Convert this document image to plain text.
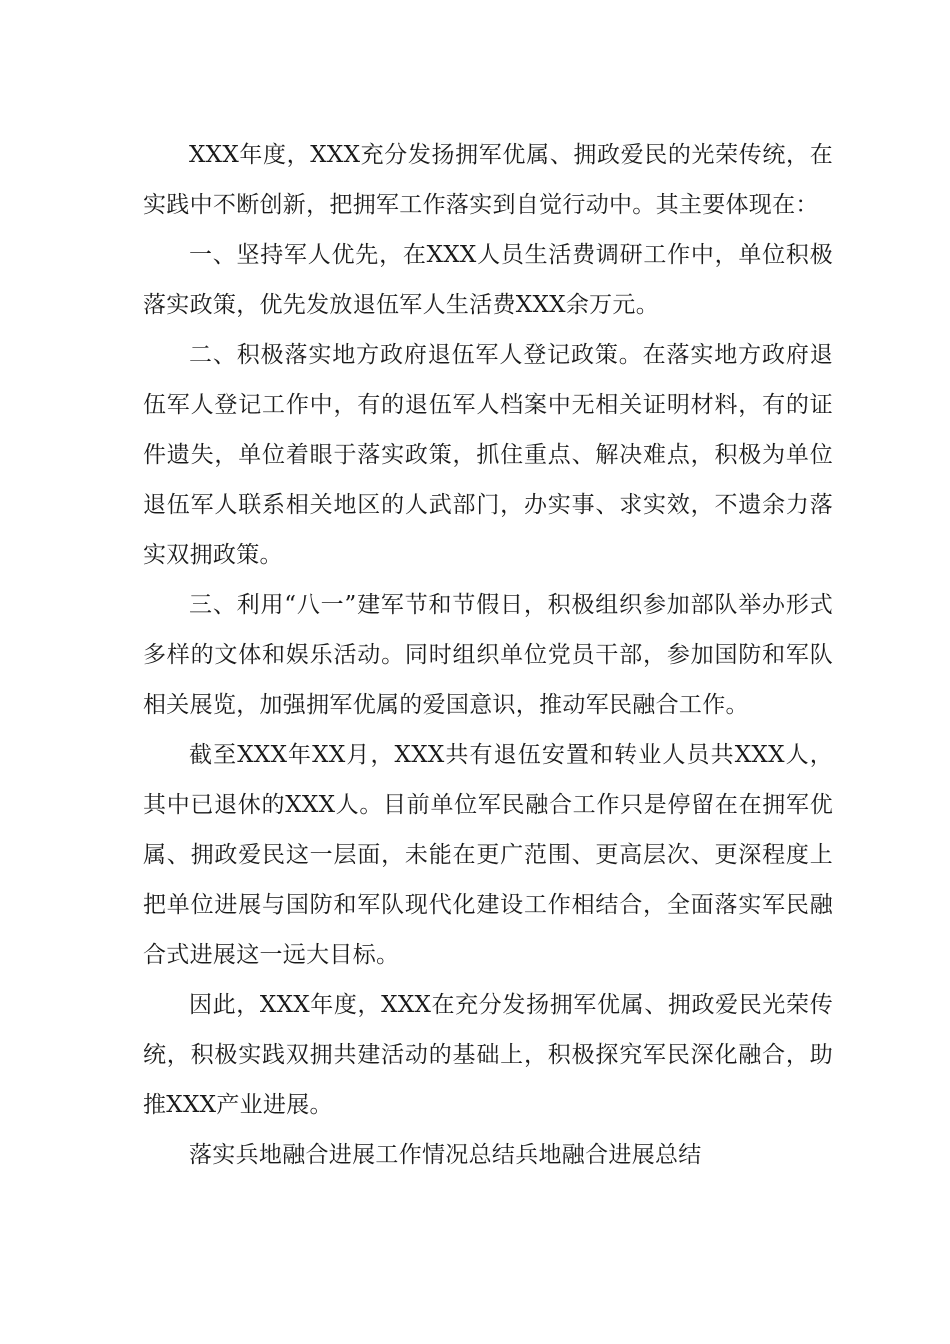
XXX年度，XXX充分发扬拥军优属、拥政爱民的光荣传统，在实践中不断创新，把拥军工作落实到自觉行动中。其主要体现在：

一、坚持军人优先，在XXX人员生活费调研工作中，单位积极落实政策，优先发放退伍军人生活费XXX余万元。

二、积极落实地方政府退伍军人登记政策。在落实地方政府退伍军人登记工作中，有的退伍军人档案中无相关证明材料，有的证件遗失，单位着眼于落实政策，抓住重点、解决难点，积极为单位退伍军人联系相关地区的人武部门，办实事、求实效，不遗余力落实双拥政策。

三、利用“八一”建军节和节假日，积极组织参加部队举办形式多样的文体和娱乐活动。同时组织单位党员干部，参加国防和军队相关展览，加强拥军优属的爱国意识，推动军民融合工作。

截至XXX年XX月，XXX共有退伍安置和转业人员共XXX人，其中已退休的XXX人。目前单位军民融合工作只是停留在在拥军优属、拥政爱民这一层面，未能在更广范围、更高层次、更深程度上把单位进展与国防和军队现代化建设工作相结合，全面落实军民融合式进展这一远大目标。

因此，XXX年度，XXX在充分发扬拥军优属、拥政爱民光荣传统，积极实践双拥共建活动的基础上，积极探究军民深化融合，助推XXX产业进展。

落实兵地融合进展工作情况总结兵地融合进展总结
